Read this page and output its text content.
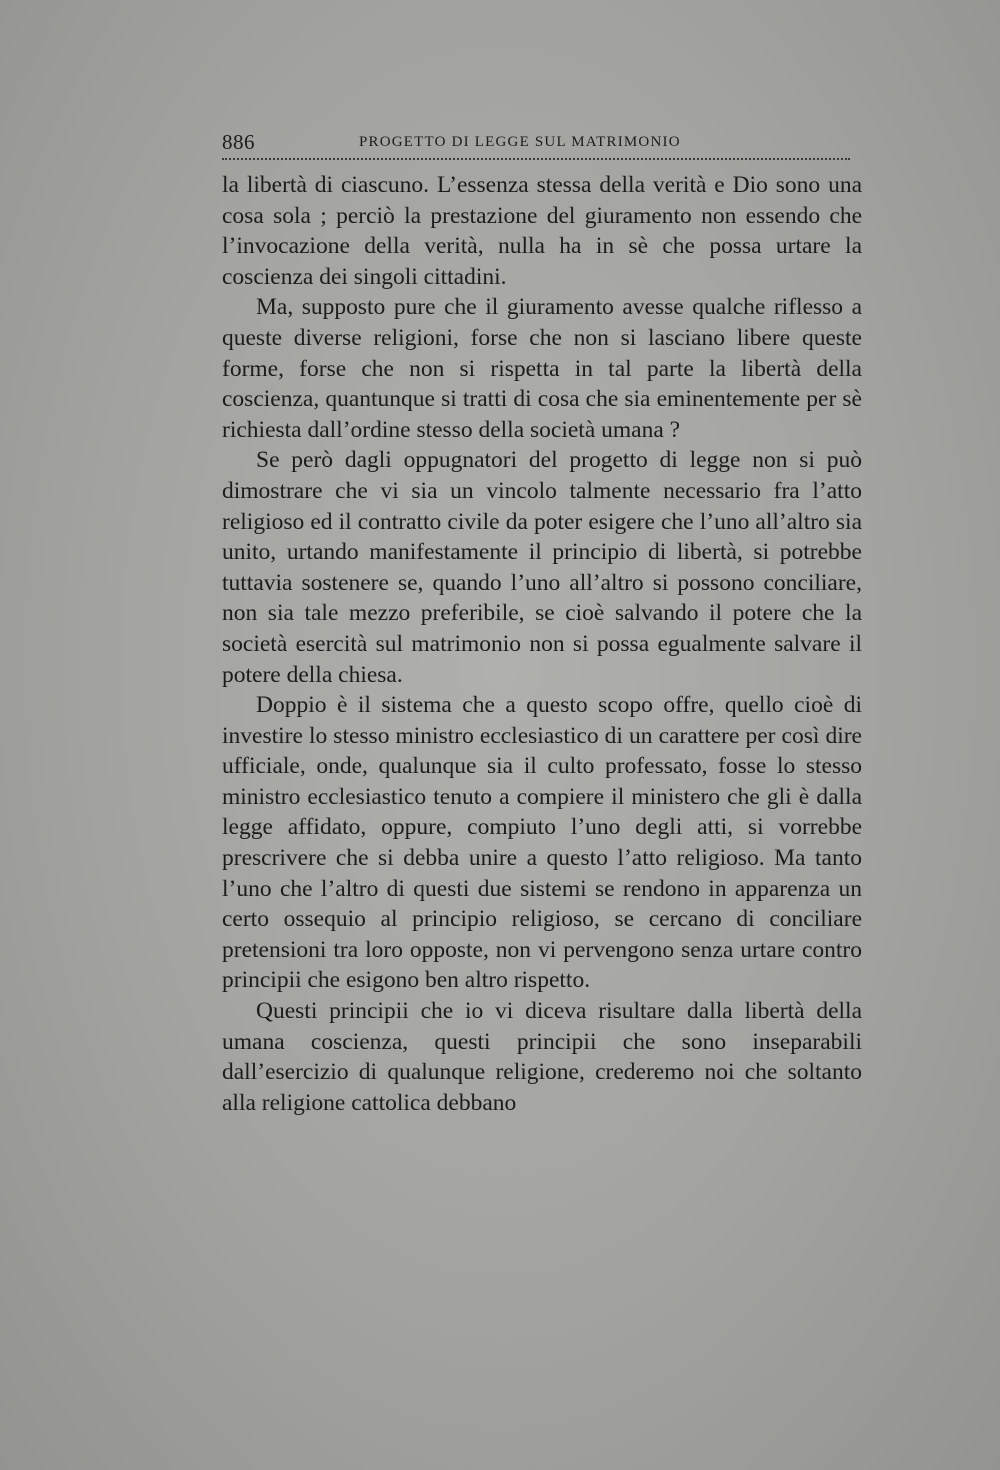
886	PROGETTO DI LEGGE SUL MATRIMONIO

la libertà di ciascuno. L’essenza stessa della verità e Dio sono una cosa sola ; perciò la prestazione del giuramento non essendo che l’invocazione della verità, nulla ha in sè che possa urtare la coscienza dei singoli cittadini.

Ma, supposto pure che il giuramento avesse qualche riflesso a queste diverse religioni, forse che non si lasciano libere queste forme, forse che non si rispetta in tal parte la libertà della coscienza, quantunque si tratti di cosa che sia eminentemente per sè richiesta dall’ordine stesso della società umana ?

Se però dagli oppugnatori del progetto di legge non si può dimostrare che vi sia un vincolo talmente necessario fra l’atto religioso ed il contratto civile da poter esigere che l’uno all’altro sia unito, urtando manifestamente il principio di libertà, si potrebbe tuttavia sostenere se, quando l’uno all’altro si possono conciliare, non sia tale mezzo preferibile, se cioè salvando il potere che la società esercità sul matrimonio non si possa egualmente salvare il potere della chiesa.

Doppio è il sistema che a questo scopo offre, quello cioè di investire lo stesso ministro ecclesiastico di un carattere per così dire ufficiale, onde, qualunque sia il culto professato, fosse lo stesso ministro ecclesiastico tenuto a compiere il ministero che gli è dalla legge affidato, oppure, compiuto l’uno degli atti, si vorrebbe prescrivere che si debba unire a questo l’atto religioso. Ma tanto l’uno che l’altro di questi due sistemi se rendono in apparenza un certo ossequio al principio religioso, se cercano di conciliare pretensioni tra loro opposte, non vi pervengono senza urtare contro principii che esigono ben altro rispetto.

Questi principii che io vi diceva risultare dalla libertà della umana coscienza, questi principii che sono inseparabili dall’esercizio di qualunque religione, crederemo noi che soltanto alla religione cattolica debbano
